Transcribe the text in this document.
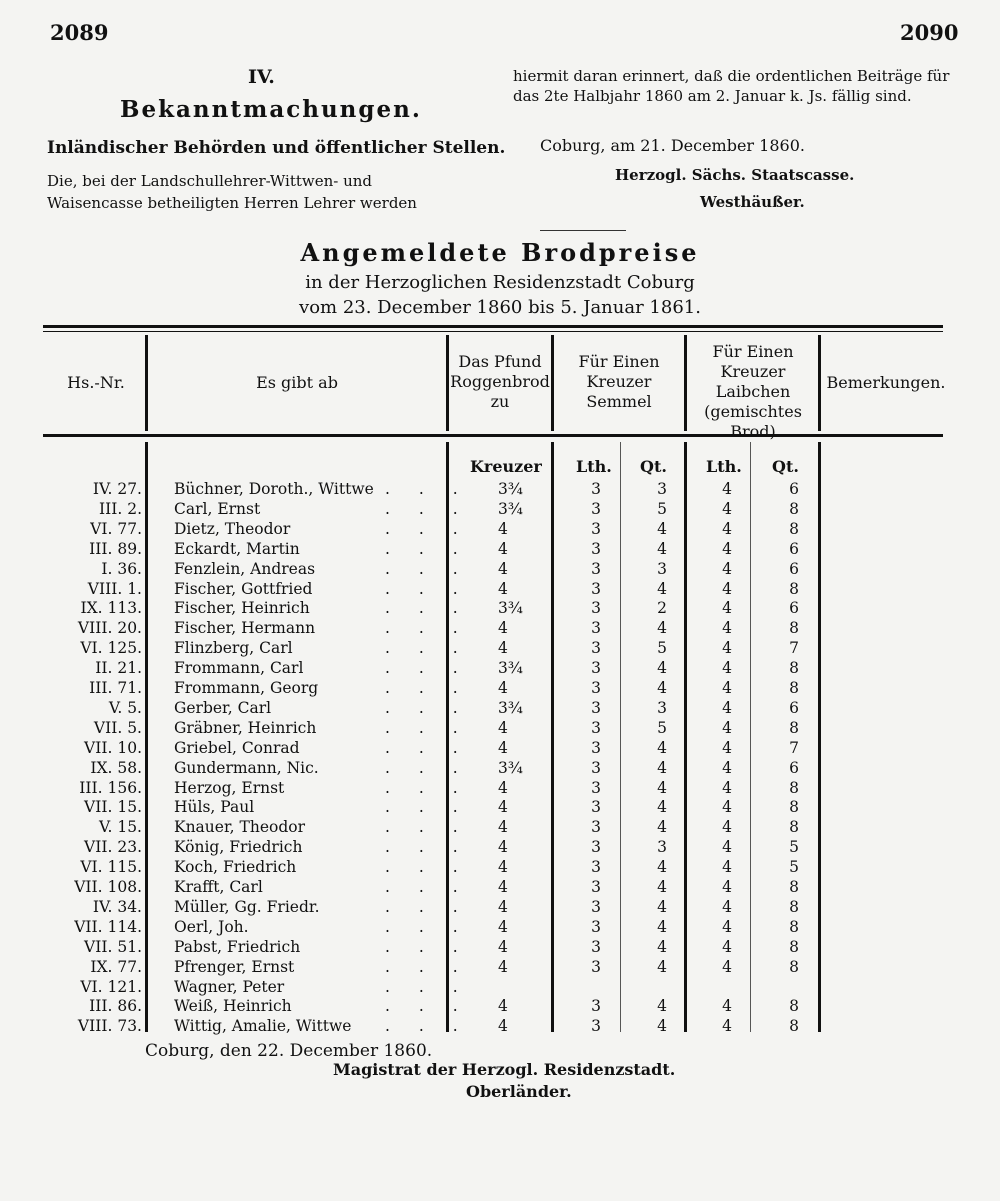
2089	2090
IV.
Bekanntmachungen.
Inländischer Behörden und öffentlicher Stellen.
Die, bei der Landschullehrer-Wittwen- und
Waisencasse betheiligten Herren Lehrer werden
hiermit daran erinnert, daß die ordentlichen Beiträge für das 2te Halbjahr 1860 am 2. Januar k. Js. fällig sind.
Coburg, am 21. December 1860.
Herzogl. Sächs. Staatscasse.
Westhäußer.
Angemeldete Brodpreise
in der Herzoglichen Residenzstadt Coburg
vom 23. December 1860 bis 5. Januar 1861.
Hs.-Nr.	Es gibt ab
Das Pfund Roggenbrod zu
Für Einen Kreuzer Semmel
Für Einen Kreuzer Laibchen (gemischtes Brod)
Bemerkungen.
Kreuzer Lth. Qt. Lth. Qt.
IV. 27. Büchner, Doroth., Wittwe	3¾	3	3	4	6
. . .
III. 2. Carl, Ernst	3¾	3	5	4	8
. . .
VI. 77. Dietz, Theodor	4	3	4	4	8
. . .
III. 89. Eckardt, Martin	4	3	4	4	6
. . .
I. 36. Fenzlein, Andreas	4	3	3	4	6
. . .
VIII. 1. Fischer, Gottfried	4	3	4	4	8
. . .
IX. 113. Fischer, Heinrich	3¾	3	2	4	6
. . .
VIII. 20. Fischer, Hermann	4	3	4	4	8
. . .
VI. 125. Flinzberg, Carl	4	3	5	4	7
. . .
II. 21. Frommann, Carl	3¾	3	4	4	8
. . .
III. 71. Frommann, Georg	4	3	4	4	8
. . .
V. 5. Gerber, Carl	3¾	3	3	4	6
. . .
VII. 5. Gräbner, Heinrich	4	3	5	4	8
. . .
VII. 10. Griebel, Conrad	4	3	4	4	7
. . .
IX. 58. Gundermann, Nic.	3¾	3	4	4	6
. . .
III. 156. Herzog, Ernst	4	3	4	4	8
. . .
VII. 15. Hüls, Paul	4	3	4	4	8
. . .
V. 15. Knauer, Theodor	4	3	4	4	8
. . .
VII. 23. König, Friedrich	4	3	3	4	5
. . .
VI. 115. Koch, Friedrich	4	3	4	4	5
. . .
VII. 108. Krafft, Carl	4	3	4	4	8
. . .
IV. 34. Müller, Gg. Friedr.	4	3	4	4	8
. . .
VII. 114. Oerl, Joh.	4	3	4	4	8
. . .
VII. 51. Pabst, Friedrich	4	3	4	4	8
. . .
IX. 77. Pfrenger, Ernst	4	3	4	4	8
. . .
VI. 121. Wagner, Peter	. . .
III. 86. Weiß, Heinrich	4	3	4	4	8
. . .
VIII. 73. Wittig, Amalie, Wittwe	4	3	4	4	8
. . .
Coburg, den 22. December 1860.
Magistrat der Herzogl. Residenzstadt.
Oberländer.
